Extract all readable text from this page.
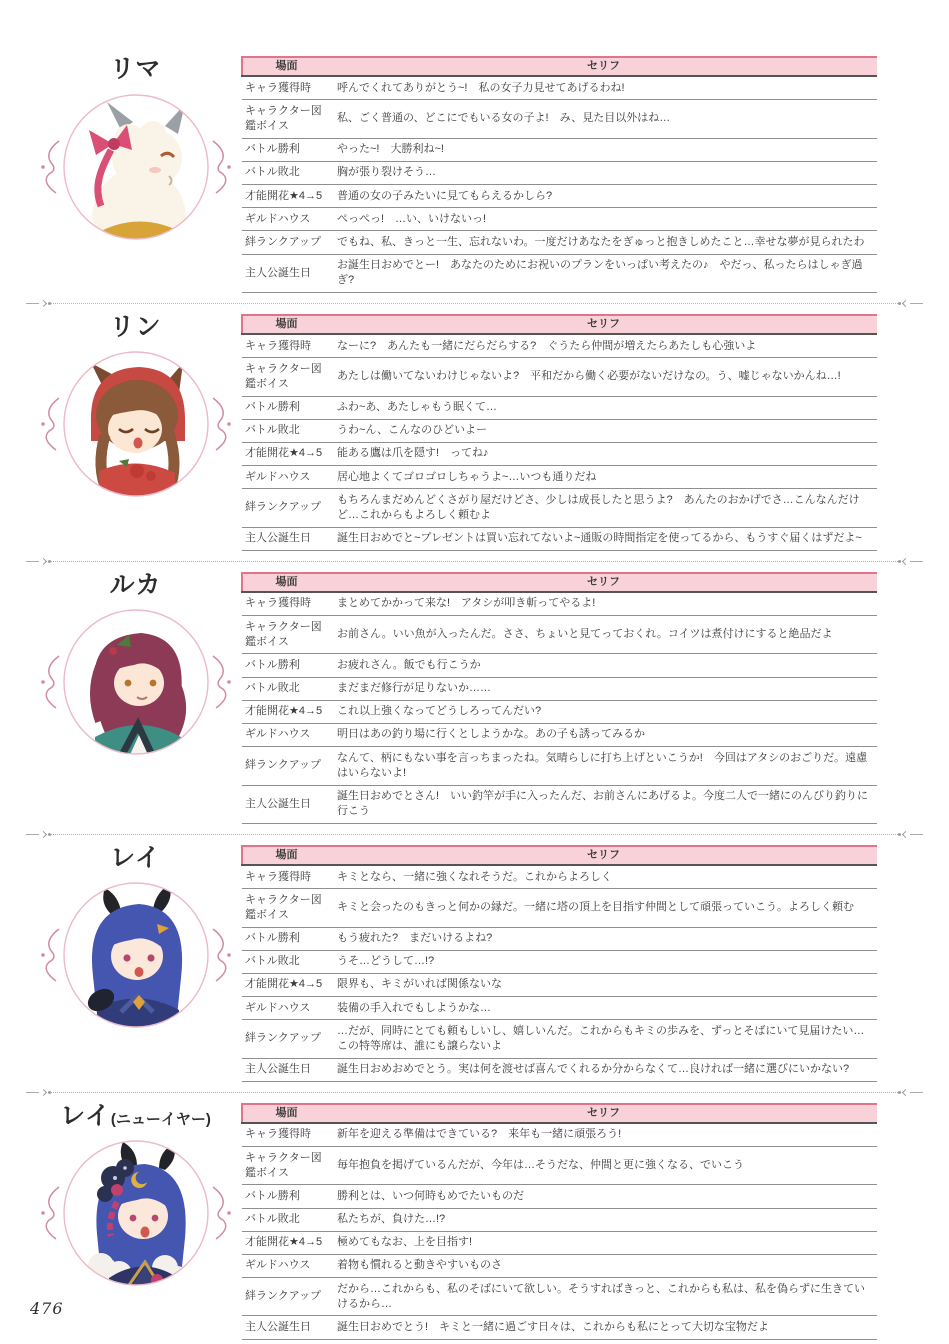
リマ	場面	セリフ
キャラ獲得時	呼んでくれてありがとう~!　私の女子力見せてあげるわね!
キャラクター図鑑ボイス	私、ごく普通の、どこにでもいる女の子よ!　み、見た目以外はね…
バトル勝利	やった~!　大勝利ね~!
バトル敗北	胸が張り裂けそう…
才能開花★4→5	普通の女の子みたいに見てもらえるかしら?
ギルドハウス	ぺっぺっ!　…い、いけないっ!
絆ランクアップ	でもね、私、きっと一生、忘れないわ。一度だけあなたをぎゅっと抱きしめたこと…幸せな夢が見られたわ
主人公誕生日	お誕生日おめでとー!　あなたのためにお祝いのプランをいっぱい考えたの♪　やだっ、私ったらはしゃぎ過ぎ?
リン	場面	セリフ
キャラ獲得時	なーに?　あんたも一緒にだらだらする?　ぐうたら仲間が増えたらあたしも心強いよ
キャラクター図鑑ボイス	あたしは働いてないわけじゃないよ?　平和だから働く必要がないだけなの。う、嘘じゃないかんね…!
バトル勝利	ふわ~あ、あたしゃもう眠くて…
バトル敗北	うわ~ん、こんなのひどいよー
才能開花★4→5	能ある鷹は爪を隠す!　ってね♪
ギルドハウス	居心地よくてゴロゴロしちゃうよ~…いつも通りだね
絆ランクアップ	もちろんまだめんどくさがり屋だけどさ、少しは成長したと思うよ?　あんたのおかげでさ…こんなんだけど…これからもよろしく頼むよ
主人公誕生日	誕生日おめでと~プレゼントは買い忘れてないよ~通販の時間指定を使ってるから、もうすぐ届くはずだよ~
ルカ	場面	セリフ
キャラ獲得時	まとめてかかって来な!　アタシが叩き斬ってやるよ!
キャラクター図鑑ボイス	お前さん。いい魚が入ったんだ。ささ、ちょいと見てっておくれ。コイツは煮付けにすると絶品だよ
バトル勝利	お疲れさん。飯でも行こうか
バトル敗北	まだまだ修行が足りないか……
才能開花★4→5	これ以上強くなってどうしろってんだい?
ギルドハウス	明日はあの釣り場に行くとしようかな。あの子も誘ってみるか
絆ランクアップ	なんて、柄にもない事を言っちまったね。気晴らしに打ち上げといこうか!　今回はアタシのおごりだ。遠慮はいらないよ!
主人公誕生日	誕生日おめでとさん!　いい釣竿が手に入ったんだ、お前さんにあげるよ。今度二人で一緒にのんびり釣りに行こう
レイ	場面	セリフ
キャラ獲得時	キミとなら、一緒に強くなれそうだ。これからよろしく
キャラクター図鑑ボイス	キミと会ったのもきっと何かの縁だ。一緒に塔の頂上を目指す仲間として頑張っていこう。よろしく頼む
バトル勝利	もう疲れた?　まだいけるよね?
バトル敗北	うそ…どうして…!?
才能開花★4→5	限界も、キミがいれば関係ないな
ギルドハウス	装備の手入れでもしようかな…
絆ランクアップ	…だが、同時にとても頼もしいし、嬉しいんだ。これからもキミの歩みを、ずっとそばにいて見届けたい…この特等席は、誰にも譲らないよ
主人公誕生日	誕生日おめおめでとう。実は何を渡せば喜んでくれるか分からなくて…良ければ一緒に選びにいかない?
レイ(ニューイヤー)	場面	セリフ
キャラ獲得時	新年を迎える準備はできている?　来年も一緒に頑張ろう!
キャラクター図鑑ボイス	毎年抱負を掲げているんだが、今年は…そうだな、仲間と更に強くなる、でいこう
バトル勝利	勝利とは、いつ何時もめでたいものだ
バトル敗北	私たちが、負けた…!?
才能開花★4→5	極めてもなお、上を目指す!
ギルドハウス	着物も慣れると動きやすいものさ
絆ランクアップ	だから…これからも、私のそばにいて欲しい。そうすればきっと、これからも私は、私を偽らずに生きていけるから…
主人公誕生日	誕生日おめでとう!　キミと一緒に過ごす日々は、これからも私にとって大切な宝物だよ
476
